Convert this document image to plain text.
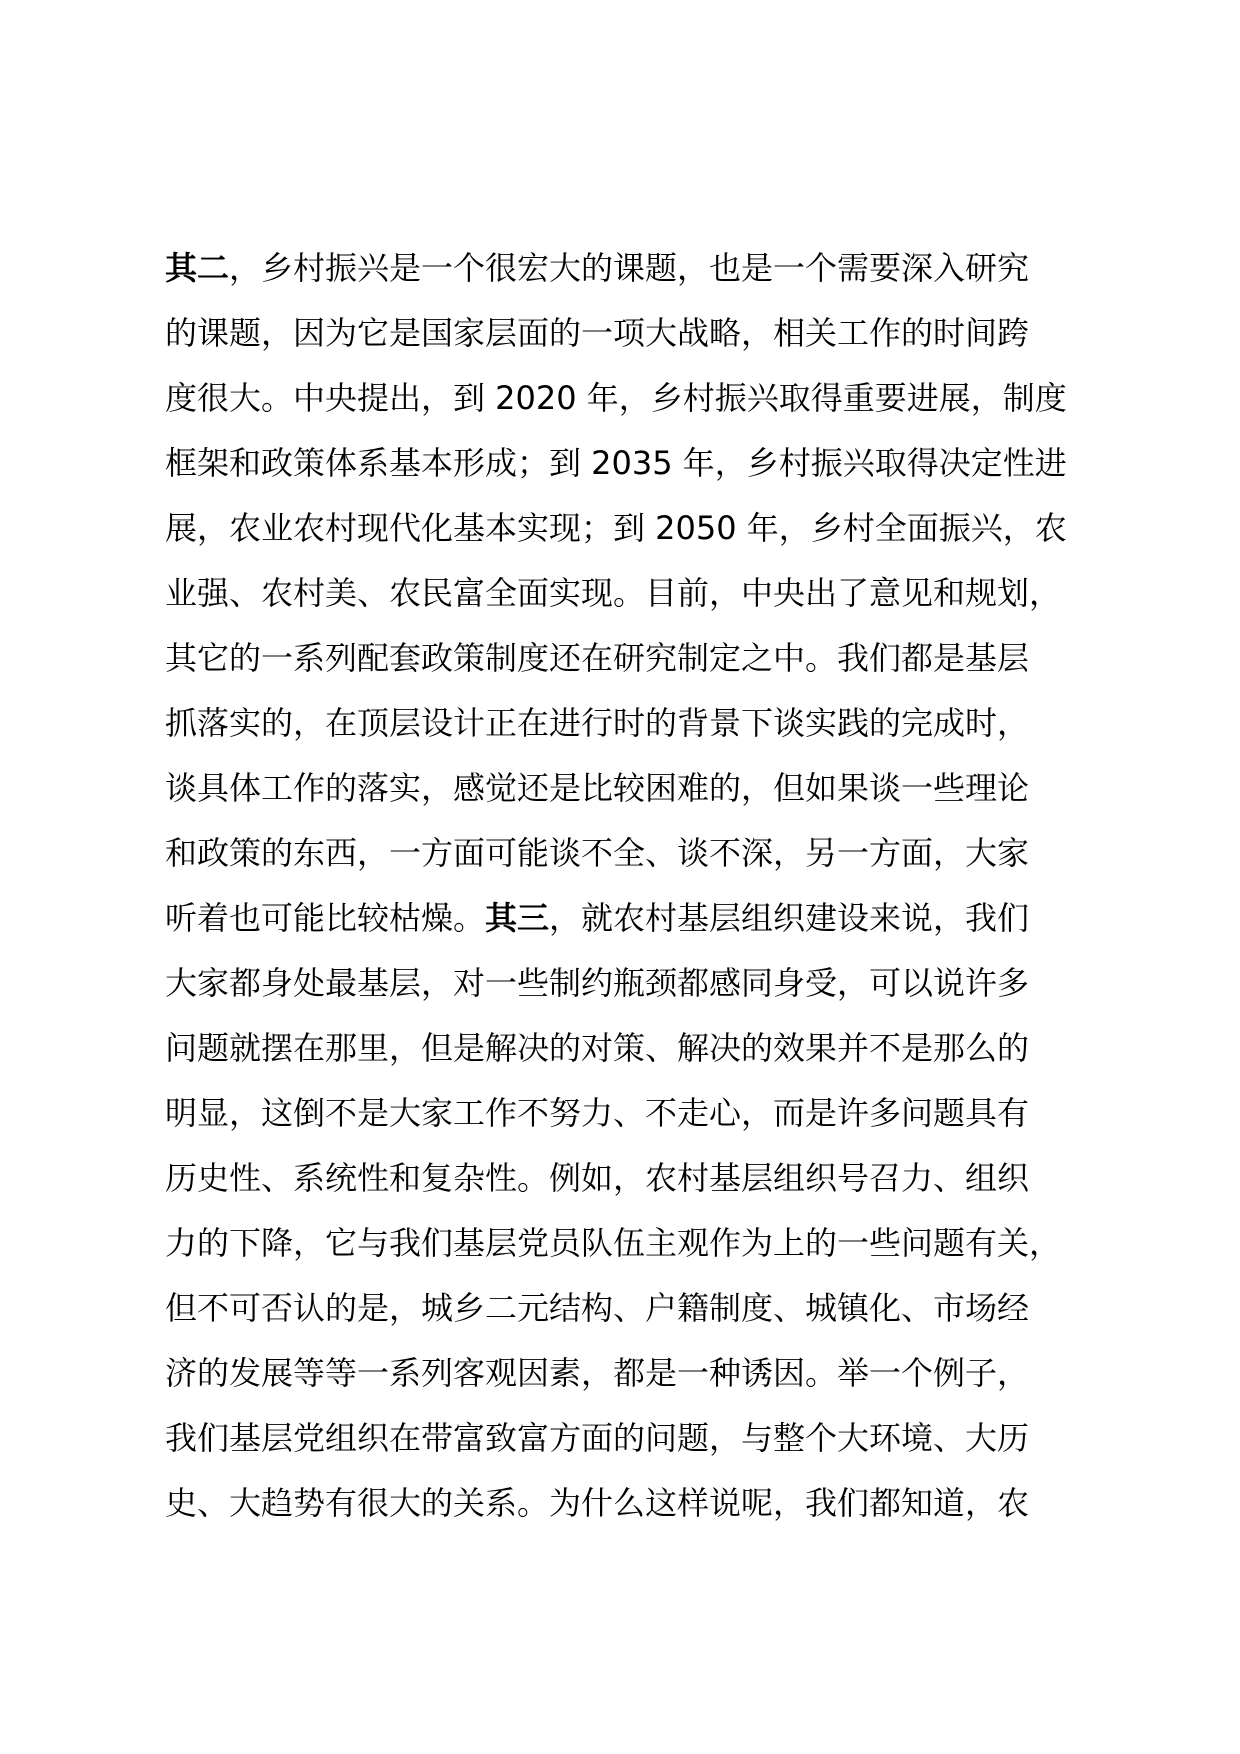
其二，乡村振兴是一个很宏大的课题，也是一个需要深入研究
的课题，因为它是国家层面的一项大战略，相关工作的时间跨
度很大。中央提出，到 2020 年，乡村振兴取得重要进展，制度
框架和政策体系基本形成；到 2035 年，乡村振兴取得决定性进
展，农业农村现代化基本实现；到 2050 年，乡村全面振兴，农
业强、农村美、农民富全面实现。目前，中央出了意见和规划，
其它的一系列配套政策制度还在研究制定之中。我们都是基层
抓落实的，在顶层设计正在进行时的背景下谈实践的完成时，
谈具体工作的落实，感觉还是比较困难的，但如果谈一些理论
和政策的东西，一方面可能谈不全、谈不深，另一方面，大家
听着也可能比较枯燥。其三，就农村基层组织建设来说，我们
大家都身处最基层，对一些制约瓶颈都感同身受，可以说许多
问题就摆在那里，但是解决的对策、解决的效果并不是那么的
明显，这倒不是大家工作不努力、不走心，而是许多问题具有
历史性、系统性和复杂性。例如，农村基层组织号召力、组织
力的下降，它与我们基层党员队伍主观作为上的一些问题有关，
但不可否认的是，城乡二元结构、户籍制度、城镇化、市场经
济的发展等等一系列客观因素，都是一种诱因。举一个例子，
我们基层党组织在带富致富方面的问题，与整个大环境、大历
史、大趋势有很大的关系。为什么这样说呢，我们都知道，农
